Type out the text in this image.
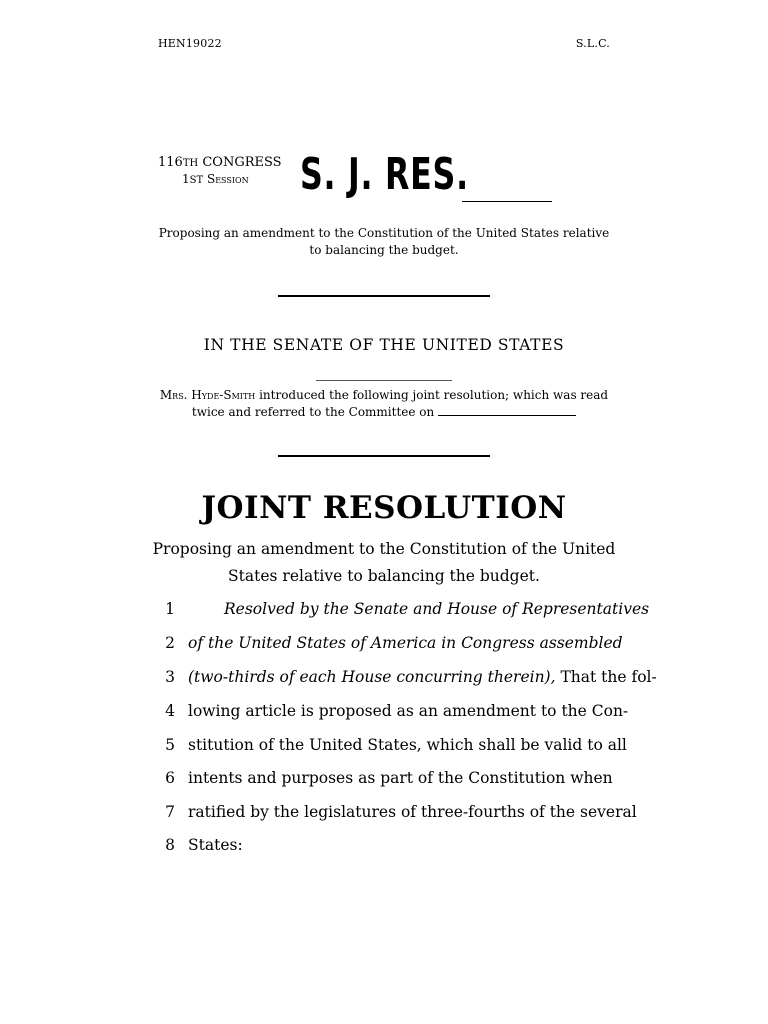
HEN19022	S.L.C.
116TH CONGRESS
1ST Session S. J. RES.
Proposing an amendment to the Constitution of the United States relative
to balancing the budget.
IN THE SENATE OF THE UNITED STATES
Mrs. Hyde-Smith introduced the following joint resolution; which was read
twice and referred to the Committee on
JOINT RESOLUTION
Proposing an amendment to the Constitution of the United
States relative to balancing the budget.
1	Resolved by the Senate and House of Representatives
2 of the United States of America in Congress assembled
3 (two-thirds of each House concurring therein), That the fol-
4 lowing article is proposed as an amendment to the Con-
5 stitution of the United States, which shall be valid to all
6 intents and purposes as part of the Constitution when
7 ratified by the legislatures of three-fourths of the several
8 States:
